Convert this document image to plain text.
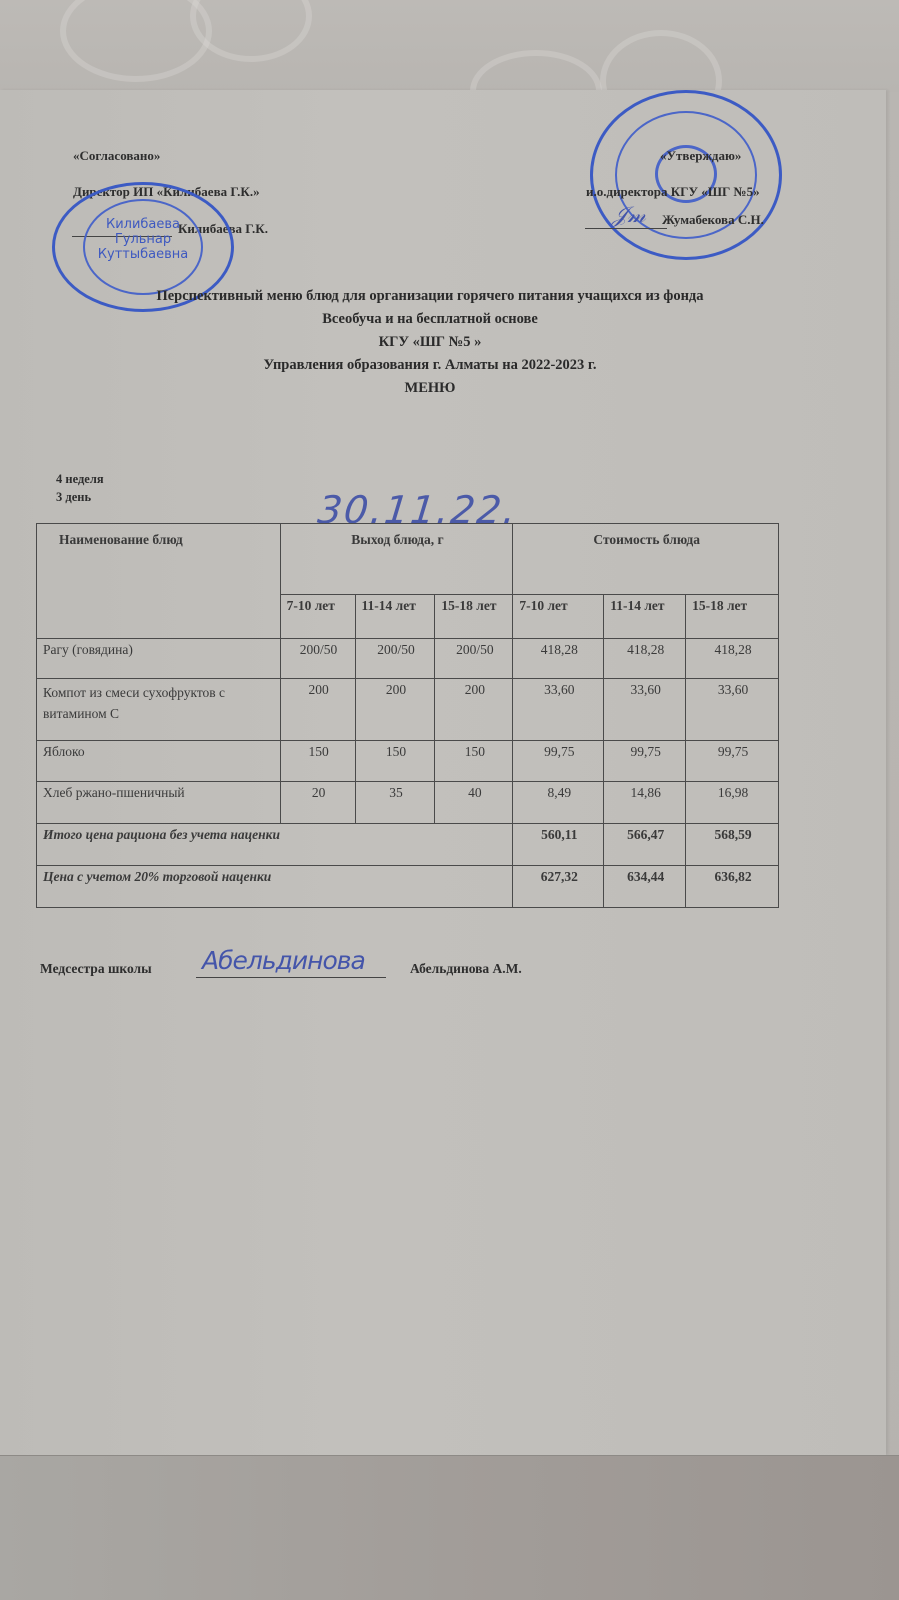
«Согласовано»
Директор ИП «Килибаева Г.К.»
Килибаева Г.К.
Килибаева
Гульнар
Куттыбаевна
«Утверждаю»
и.о.директора КГУ «ШГ №5»
𝒥𝓂 Жумабекова С.Н.
Перспективный меню блюд для организации горячего питания учащихся из фонда
Всеобуча и на бесплатной основе
КГУ «ШГ №5 »
Управления образования г. Алматы на 2022-2023 г.
МЕНЮ
4 неделя
3 день	30.11.22.
Наименование блюд	Выход блюда, г			Стоимость блюда		
	7-10 лет	11-14 лет	15-18 лет	7-10 лет	11-14 лет	15-18 лет
Рагу (говядина)	200/50	200/50	200/50	418,28	418,28	418,28
Компот из смеси сухофруктов с витамином С	200	200	200	33,60	33,60	33,60
Яблоко	150	150	150	99,75	99,75	99,75
Хлеб ржано-пшеничный	20	35	40	8,49	14,86	16,98
Итого цена рациона без учета наценки				560,11	566,47	568,59
Цена с учетом 20% торговой наценки				627,32	634,44	636,82
Медсестра школы Абельдинова	Абельдинова А.М.
